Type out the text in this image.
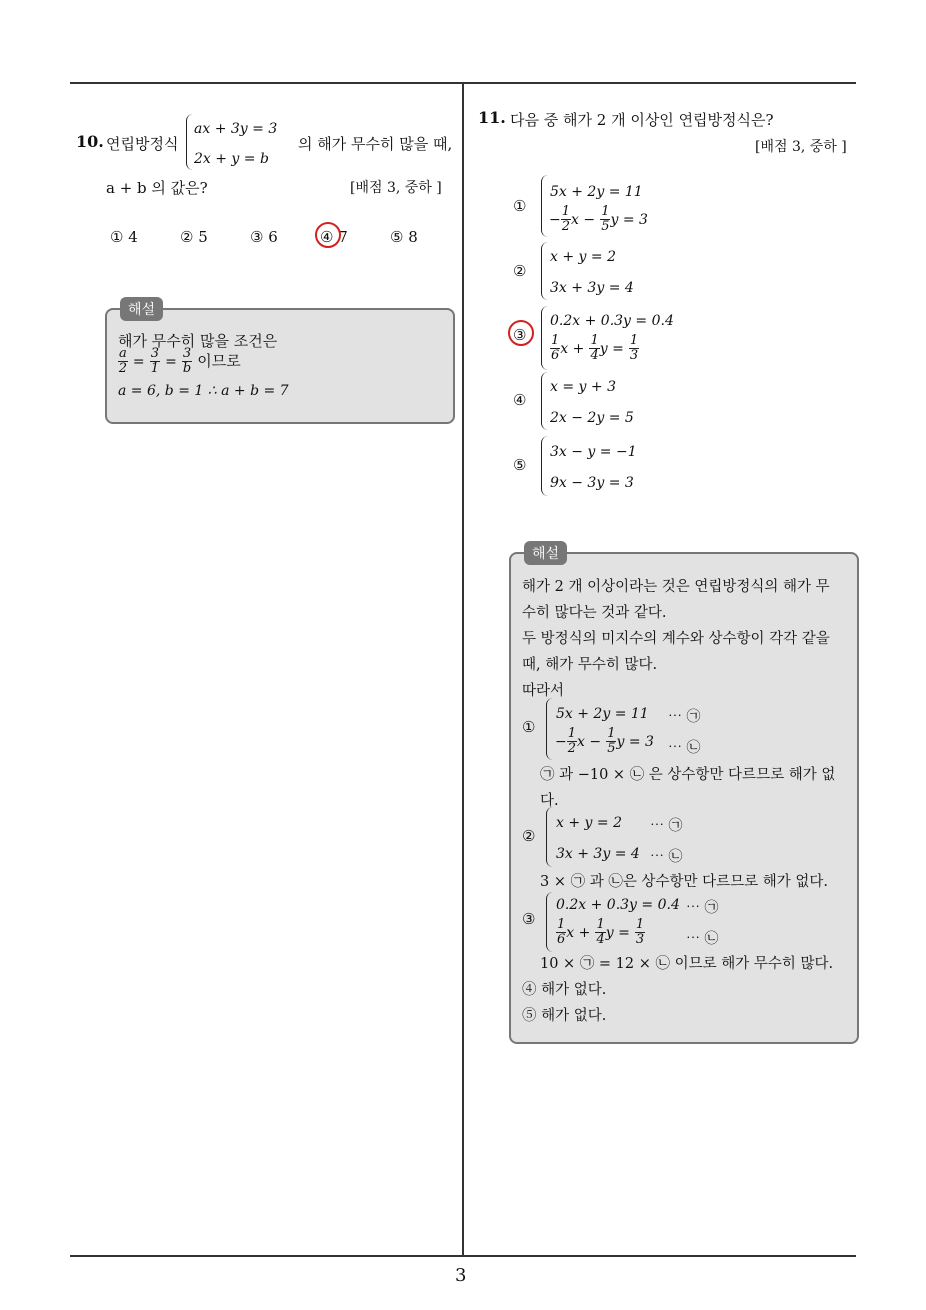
3
10. 연립방정식
ax + 3y = 3
2x + y = b
의 해가 무수히 많을 때,
a + b 의 값은?	[배점 3, 중하 ]
① 4	② 5	③ 6	④ 7	⑤ 8
해설
해가 무수히 많을 조건은
$\frac{a}{2} = \frac{3}{1} = \frac{3}{b}$ 이므로
a = 6, b = 1 ∴ a + b = 7
11. 다음 중 해가 2 개 이상인 연립방정식은?
[배점 3, 중하 ]
①
5x + 2y = 11
− $\frac{1}{2}$ $x - \frac{1}{5}$ y = 3
②
x + y = 2
3x + 3y = 4
③
0.2x + 0.3y = 0.4
$\frac{1}{6}$ $x + \frac{1}{4}$ $y = \frac{1}{3}$
④
x = y + 3
2x − 2y = 5
⑤
3x − y = −1
9x − 3y = 3
해설
해가 2 개 이상이라는 것은 연립방정식의 해가 무
수히 많다는 것과 같다.
두 방정식의 미지수의 계수와 상수항이 각각 같을
때, 해가 무수히 많다.
따라서
①
5x + 2y = 11 ⋯ ㉠
− $\frac{1}{2}$ $x - \frac{1}{5}$ y = 3 ⋯ ㉡
㉠ 과 −10 × ㉡ 은 상수항만 다르므로 해가 없
다.
②
x + y = 2 ⋯ ㉠
3x + 3y = 4 ⋯ ㉡
3 × ㉠ 과 ㉡은 상수항만 다르므로 해가 없다.
③
0.2x + 0.3y = 0.4 ⋯ ㉠
$\frac{1}{6}$ $x + \frac{1}{4}$ $y = \frac{1}{3}$	⋯ ㉡
10 × ㉠ = 12 × ㉡ 이므로 해가 무수히 많다.
④ 해가 없다.
⑤ 해가 없다.
